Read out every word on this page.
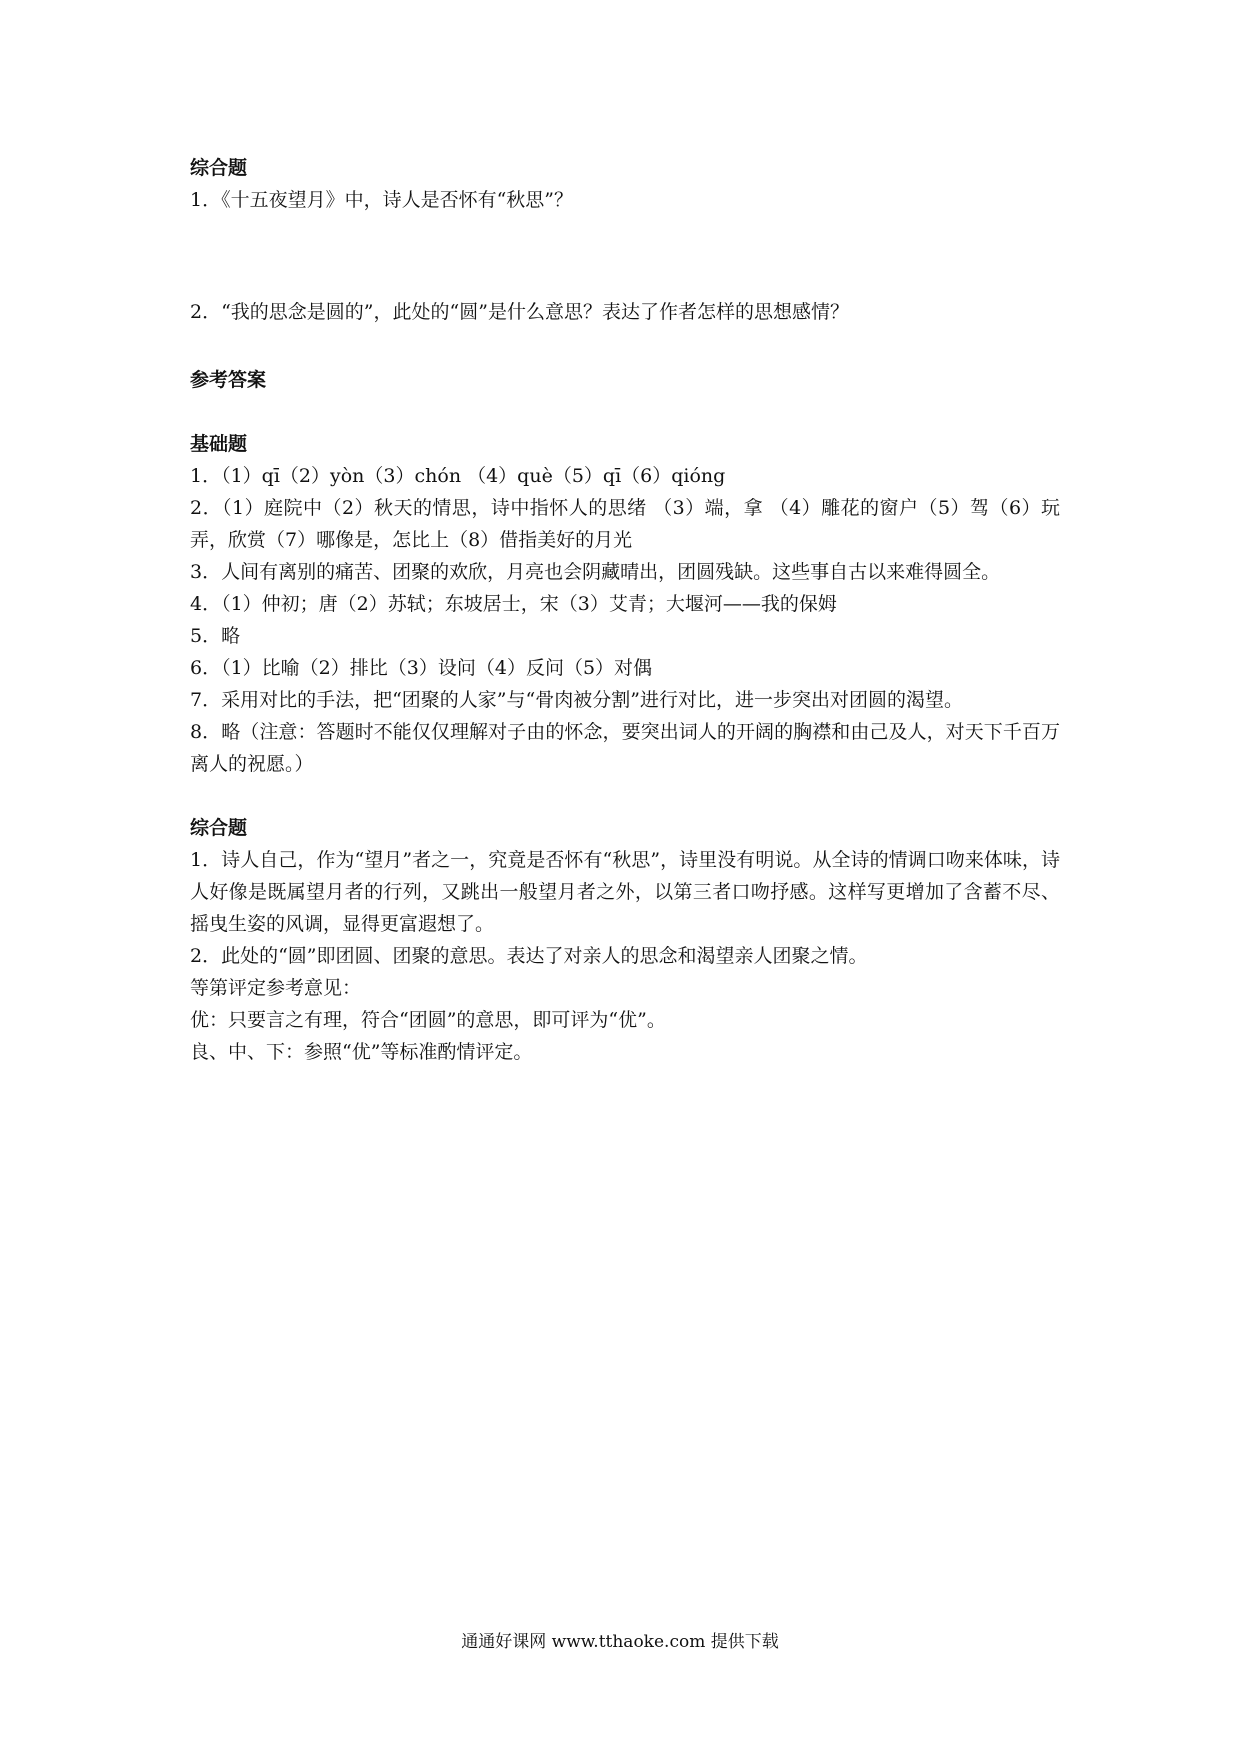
综合题

1．《十五夜望月》中，诗人是否怀有“秋思”？

2．“我的思念是圆的”，此处的“圆”是什么意思？表达了作者怎样的思想感情？

参考答案

基础题

1．（1）qī（2）yòn（3）chón （4）què（5）qī（6）qióng

2．（1）庭院中（2）秋天的情思，诗中指怀人的思绪 （3）端，拿 （4）雕花的窗户（5）驾（6）玩弄，欣赏（7）哪像是，怎比上（8）借指美好的月光

3．人间有离别的痛苦、团聚的欢欣，月亮也会阴藏晴出，团圆残缺。这些事自古以来难得圆全。

4．（1）仲初；唐（2）苏轼；东坡居士，宋（3）艾青；大堰河——我的保姆

5．略

6．（1）比喻（2）排比（3）设问（4）反问（5）对偶

7．采用对比的手法，把“团聚的人家”与“骨肉被分割”进行对比，进一步突出对团圆的渴望。

8．略（注意：答题时不能仅仅理解对子由的怀念，要突出词人的开阔的胸襟和由己及人，对天下千百万离人的祝愿。）

综合题

1．诗人自己，作为“望月”者之一，究竟是否怀有“秋思”，诗里没有明说。从全诗的情调口吻来体味，诗人好像是既属望月者的行列，又跳出一般望月者之外，以第三者口吻抒感。这样写更增加了含蓄不尽、摇曳生姿的风调，显得更富遐想了。

2．此处的“圆”即团圆、团聚的意思。表达了对亲人的思念和渴望亲人团聚之情。

等第评定参考意见：

优：只要言之有理，符合“团圆”的意思，即可评为“优”。

良、中、下：参照“优”等标准酌情评定。

通通好课网 www.tthaoke.com 提供下载
